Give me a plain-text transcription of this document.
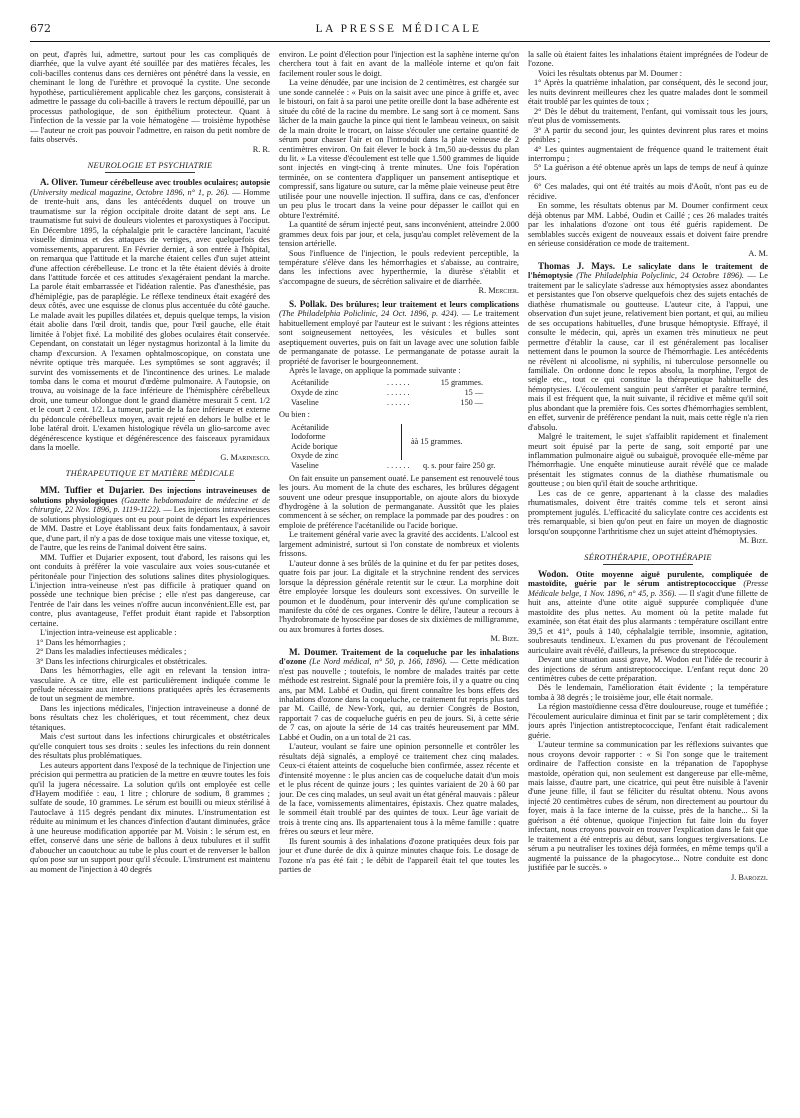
672	LA PRESSE MÉDICALE

on peut, d'après lui, admettre, surtout pour les cas compliqués de diarrhée, que la vulve ayant été souillée par des matières fécales, les coli-bacilles contenus dans ces dernières ont pénétré dans la vessie, en cheminant le long de l'urèthre et provoqué la cystite. Une seconde hypothèse, particulièrement applicable chez les garçons, consisterait à admettre le passage du coli-bacille à travers le rectum dépouillé, par un processus pathologique, de son épithélium protecteur. Quant à l'infection de la vessie par la voie hématogène — troisième hypothèse — l'auteur ne croit pas pouvoir l'admettre, en raison du petit nombre de faits observés.

R. R.
NEUROLOGIE ET PSYCHIATRIE

A. Oliver. Tumeur cérébelleuse avec troubles oculaires; autopsie (University medical magazine, Octobre 1896, n° 1, p. 26). — Homme de trente-huit ans, dans les antécédents duquel on trouve un traumatisme sur la région occipitale droite datant de sept ans. Le traumatisme fut suivi de douleurs violentes et paroxystiques à l'occiput. En Décembre 1895, la céphalalgie prit le caractère lancinant, l'acuité visuelle diminua et des attaques de vertiges, avec quelquefois des vomissements, apparurent. En Février dernier, à son entrée à l'hôpital, on remarqua que l'attitude et la marche étaient celles d'un sujet atteint d'une affection cérébelleuse. Le tronc et la tête étaient déviés à droite dans l'attitude forcée et ces attitudes s'exagéraient pendant la marche. La parole était embarrassée et l'idéation ralentie. Pas d'anesthésie, pas d'hémiplégie, pas de paraplégie. Le réflexe tendineux était exagéré des deux côtés, avec une esquisse de clonus plus accentuée du côté gauche. Le malade avait les pupilles dilatées et, depuis quelque temps, la vision était abolie dans l'œil droit, tandis que, pour l'œil gauche, elle était limitée à l'objet fixé. La mobilité des globes oculaires était conservée. Cependant, on constatait un léger nystagmus horizontal à la limite du champ d'excursion. A l'examen ophtalmoscopique, on constata une névrite optique très marquée. Les symptômes se sont aggravés; il survint des vomissements et de l'incontinence des urines. Le malade tomba dans le coma et mourut d'œdème pulmonaire. A l'autopsie, on trouva, au voisinage de la face inférieure de l'hémisphère cérébelleux droit, une tumeur oblongue dont le grand diamètre mesurait 5 cent. 1/2 et le court 2 cent. 1/2. La tumeur, partie de la face inférieure et externe du pédoncule cérébelleux moyen, avait rejeté en dehors le bulbe et le lobe latéral droit. L'examen histologique révéla un glio-sarcome avec dégénérescence kystique et dégénérescence des faisceaux pyramidaux dans la moelle.

G. Marinesco.
THÉRAPEUTIQUE ET MATIÈRE MÉDICALE

MM. Tuffier et Dujarier. Des injections intraveineuses de solutions physiologiques (Gazette hebdomadaire de médecine et de chirurgie, 22 Nov. 1896, p. 1119-1122). — Les injections intraveineuses de solutions physiologiques ont eu pour point de départ les expériences de MM. Dastre et Loye établissant deux faits fondamentaux, à savoir que, d'une part, il n'y a pas de dose toxique mais une vitesse toxique, et, de l'autre, que les reins de l'animal doivent être sains.

MM. Tuffier et Dujarier exposent, tout d'abord, les raisons qui les ont conduits à préférer la voie vasculaire aux voies sous-cutanée et péritonéale pour l'injection des solutions salines dites physiologiques. L'injection intra-veineuse n'est pas difficile à pratiquer quand on possède une technique bien précise ; elle n'est pas dangereuse, car l'entrée de l'air dans les veines n'offre aucun inconvénient.Elle est, par contre, plus avantageuse, l'effet produit étant rapide et l'absorption certaine.

L'injection intra-veineuse est applicable :

1° Dans les hémorrhagies ;

2° Dans les maladies infectieuses médicales ;

3° Dans les infections chirurgicales et obstétricales.

Dans les hémorrhagies, elle agit en relevant la tension intra-vasculaire. A ce titre, elle est particulièrement indiquée comme le prélude nécessaire aux interventions pratiquées après les écrasements de tout un segment de membre.

Dans les injections médicales, l'injection intraveineuse a donné de bons résultats chez les cholériques, et tout récemment, chez deux tétaniques.

Mais c'est surtout dans les infections chirurgicales et obstétricales qu'elle conquiert tous ses droits : seules les infections du rein donnent des résultats plus problématiques.

Les auteurs apportent dans l'exposé de la technique de l'injection une précision qui permettra au praticien de la mettre en œuvre toutes les fois qu'il la jugera nécessaire. La solution qu'ils ont employée est celle d'Hayem modifiée : eau, 1 litre ; chlorure de sodium, 8 grammes ; sulfate de soude, 10 grammes. Le sérum est bouilli ou mieux stérilisé à l'autoclave à 115 degrés pendant dix minutes. L'instrumentation est réduite au minimum et les chances d'infection d'autant diminuées, grâce à une heureuse modification apportée par M. Voisin : le sérum est, en effet, conservé dans une série de ballons à deux tubulures et il suffit d'aboucher un caoutchouc au tube le plus court et de renverser le ballon qu'on pose sur un support pour qu'il s'écoule. L'instrument est maintenu au moment de l'injection à 40 degrés

environ. Le point d'élection pour l'injection est la saphène interne qu'on cherchera tout à fait en avant de la malléole interne et qu'on fait facilement rouler sous le doigt.

La veine dénudée, par une incision de 2 centimètres, est chargée sur une sonde cannelée : « Puis on la saisit avec une pince à griffe et, avec le bistouri, on fait à sa paroi une petite oreille dont la base adhérente est située du côté de la racine du membre. Le sang sort à ce moment. Sans lâcher de la main gauche la pince qui tient le lambeau veineux, on saisit de la main droite le trocart, on laisse s'écouler une certaine quantité de sérum pour chasser l'air et on l'introduit dans la plaie veineuse de 2 centimètres environ. On fait élever le bock à 1m,50 au-dessus du plan du lit. » La vitesse d'écoulement est telle que 1.500 grammes de liquide sont injectés en vingt-cinq à trente minutes. Une fois l'opération terminée, on se contentera d'appliquer un pansement antiseptique et compressif, sans ligature ou suture, car la même plaie veineuse peut être utilisée pour une nouvelle injection. Il suffira, dans ce cas, d'enfoncer un peu plus le trocart dans la veine pour dépasser le caillot qui en obture l'extrémité.

La quantité de sérum injecté peut, sans inconvénient, atteindre 2.000 grammes deux fois par jour, et cela, jusqu'au complet relèvement de la tension artérielle.

Sous l'influence de l'injection, le pouls redevient perceptible, la température s'élève dans les hémorrhagies et s'abaisse, au contraire, dans les infections avec hyperthermie, la diurèse s'établit et s'accompagne de sueurs, de sécrétion salivaire et de diarrhée.

R. Mercier.

S. Pollak. Des brûlures; leur traitement et leurs complications (The Philadelphia Policlinic, 24 Oct. 1896, p. 424). — Le traitement habituellement employé par l'auteur est le suivant : les régions atteintes sont soigneusement nettoyées, les vésicules et bulles sont aseptiquement ouvertes, puis on fait un lavage avec une solution faible de permanganate de potasse. Le permanganate de potasse aurait la propriété de favoriser le bourgeonnement.

Après le lavage, on applique la pommade suivante :

Acétanilide	. . . . . .	15 grammes.
Oxyde de zinc	. . . . . .	15 —
Vaseline	. . . . . .	150 —

Ou bien :

Acétanilide
Iodoforme
Acide borique
Oxyde de zinc
àà 15 grammes.
Vaseline	. . . . . .	q. s. pour faire 250 gr.

On fait ensuite un pansement ouaté. Le pansement est renouvelé tous les jours. Au moment de la chute des eschares, les brûlures dégagent souvent une odeur presque insupportable, on ajoute alors du bioxyde d'hydrogène à la solution de permanganate. Aussitôt que les plaies commencent à se sécher, on remplace la pommade par des poudres : on emploie de préférence l'acétanilide ou l'acide borique.

Le traitement général varie avec la gravité des accidents. L'alcool est largement administré, surtout si l'on constate de nombreux et violents frissons.

L'auteur donne à ses brûlés de la quinine et du fer par petites doses, quatre fois par jour. La digitale et la strychnine rendent des services lorsque la dépression générale retentit sur le cœur. La morphine doit être employée lorsque les douleurs sont excessives. On surveille le poumon et le duodénum, pour intervenir dès qu'une complication se manifeste du côté de ces organes. Contre le délire, l'auteur a recours à l'hydrobromate de hyoscéine par doses de six dixièmes de milligramme, ou aux bromures à fortes doses.

M. Bize.

M. Doumer. Traitement de la coqueluche par les inhalations d'ozone (Le Nord médical, n° 50, p. 166, 1896). — Cette médication n'est pas nouvelle ; toutefois, le nombre de malades traités par cette méthode est restreint. Signalé pour la première fois, il y a quatre ou cinq ans, par MM. Labbé et Oudin, qui firent connaître les bons effets des inhalations d'ozone dans la coqueluche, ce traitement fut repris plus tard par M. Caillé, de New-York, qui, au dernier Congrès de Boston, rapportait 7 cas de coqueluche guéris en peu de jours. Si, à cette série de 7 cas, on ajoute la série de 14 cas traités heureusement par MM. Labbé et Oudin, on a un total de 21 cas.

L'auteur, voulant se faire une opinion personnelle et contrôler les résultats déjà signalés, a employé ce traitement chez cinq malades. Ceux-ci étaient atteints de coqueluche bien confirmée, assez récente et d'intensité moyenne : le plus ancien cas de coqueluche datait d'un mois et le plus récent de quinze jours ; les quintes variaient de 20 à 60 par jour. De ces cinq malades, un seul avait un état général mauvais : pâleur de la face, vomissements alimentaires, épistaxis. Chez quatre malades, le sommeil était troublé par des quintes de toux. Leur âge variait de trois à trente cinq ans. Ils appartenaient tous à la même famille : quatre frères ou sœurs et leur mère.

Ils furent soumis à des inhalations d'ozone pratiquées deux fois par jour et d'une durée de dix à quinze minutes chaque fois. Le dosage de l'ozone n'a pas été fait ; le débit de l'appareil était tel que toutes les parties de

la salle où étaient faites les inhalations étaient imprégnées de l'odeur de l'ozone.

Voici les résultats obtenus par M. Doumer :

1° Après la quatrième inhalation, par conséquent, dès le second jour, les nuits devinrent meilleures chez les quatre malades dont le sommeil était troublé par les quintes de toux ;

2° Dès le début du traitement, l'enfant, qui vomissait tous les jours, n'eut plus de vomissements.

3° A partir du second jour, les quintes devinrent plus rares et moins pénibles ;

4° Les quintes augmentaient de fréquence quand le traitement était interrompu ;

5° La guérison a été obtenue après un laps de temps de neuf à quinze jours.

6° Ces malades, qui ont été traités au mois d'Août, n'ont pas eu de récidive.

En somme, les résultats obtenus par M. Doumer confirment ceux déjà obtenus par MM. Labbé, Oudin et Caillé ; ces 26 malades traités par les inhalations d'ozone ont tous été guéris rapidement. De semblables succès exigent de nouveaux essais et doivent faire prendre en sérieuse considération ce mode de traitement.

A. M.

Thomas J. Mays. Le salicylate dans le traitement de l'hémoptysie (The Philadelphia Polyclinic, 24 Octobre 1896). — Le traitement par le salicylate s'adresse aux hémoptysies assez abondantes et persistantes que l'on observe quelquefois chez des sujets entachés de diathèse rhumatismale ou goutteuse. L'auteur cite, à l'appui, une observation d'un sujet jeune, relativement bien portant, et qui, au milieu de ses occupations habituelles, d'une brusque hémoptysie. Effrayé, il consulte le médecin, qui, après un examen très minutieux ne peut permettre d'établir la cause, car il est généralement pas localiser nettement dans le poumon la source de l'hémorrhagie. Les antécédents ne révèlent ni alcoolisme, ni syphilis, ni tuberculose personnelle ou familiale. On ordonne donc le repos absolu, la morphine, l'ergot de seigle etc., tout ce qui constitue la thérapeutique habituelle des hémoptysies. L'écoulement sanguin peut s'arrêter et paraître terminé, mais il est fréquent que, la nuit suivante, il récidive et même qu'il soit plus abondant que la première fois. Ces sortes d'hémorrhagies semblent, en effet, survenir de préférence pendant la nuit, mais cette règle n'a rien d'absolu.

Malgré le traitement, le sujet s'affaiblit rapidement et finalement meurt soit épuisé par la perte de sang, soit emporté par une inflammation pulmonaire aiguë ou subaiguë, provoquée elle-même par l'hémorrhagie. Une enquête minutieuse aurait révélé que ce malade présentait les stigmates connus de la diathèse rhumatismale ou goutteuse ; ou bien qu'il était de souche arthritique.

Les cas de ce genre, appartenant à la classe des maladies rhumatismales, doivent être traités comme tels et seront ainsi promptement jugulés. L'efficacité du salicylate contre ces accidents est très remarquable, si bien qu'on peut en faire un moyen de diagnostic lorsqu'on soupçonne l'arthritisme chez un sujet atteint d'hémoptysies.

M. Bize.
SÉROTHÉRAPIE, OPOTHÉRAPIE

Wodon. Otite moyenne aiguë purulente, compliquée de mastoïdite, guérie par le sérum antistreptococcique (Presse Médicale belge, 1 Nov. 1896, n° 45, p. 356). — Il s'agit d'une fillette de huit ans, atteinte d'une otite aiguë suppurée compliquée d'une mastoïdite des plus nettes. Au moment où la petite malade fut examinée, son état était des plus alarmants : température oscillant entre 39,5 et 41°, pouls à 140, céphalalgie terrible, insomnie, agitation, soubresauts tendineux. L'examen du pus provenant de l'écoulement auriculaire avait révélé, d'ailleurs, la présence du streptocoque.

Devant une situation aussi grave, M. Wodon eut l'idée de recourir à des injections de sérum antistreptococcique. L'enfant reçut donc 20 centimètres cubes de cette préparation.

Dès le lendemain, l'amélioration était évidente ; la température tomba à 38 degrés ; le troisième jour, elle était normale.

La région mastoïdienne cessa d'être douloureuse, rouge et tuméfiée ; l'écoulement auriculaire diminua et finit par se tarir complètement ; dix jours après l'injection antistreptococcique, l'enfant était radicalement guérie.

L'auteur termine sa communication par les réflexions suivantes que nous croyons devoir rapporter : « Si l'on songe que le traitement ordinaire de l'affection consiste en la trépanation de l'apophyse mastoïde, opération qui, non seulement est dangereuse par elle-même, mais laisse, d'autre part, une cicatrice, qui peut être nuisible à l'avenir d'une jeune fille, il faut se féliciter du résultat obtenu. Nous avons injecté 20 centimètres cubes de sérum, non directement au pourtour du foyer, mais à la face interne de la cuisse, près de la hanche... Si la guérison a été obtenue, quoique l'injection fut faite loin du foyer infectant, nous croyons pouvoir en trouver l'explication dans le fait que le traitement a été entrepris au début, sans longues tergiversations. Le sérum a pu neutraliser les toxines déjà formées, en même temps qu'il a augmenté la puissance de la phagocytose... Notre conduite est donc justifiée par le succès. »

J. Barozzi.
